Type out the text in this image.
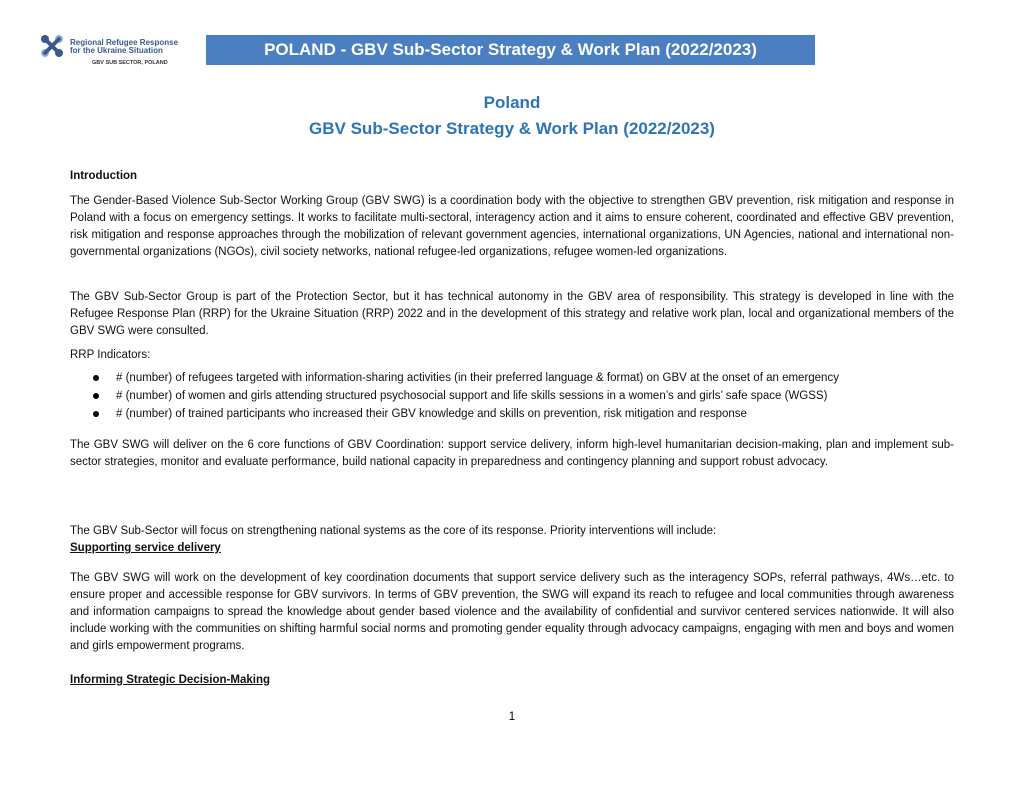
Regional Refugee Response
for the Ukraine Situation
GBV SUB SECTOR, POLAND
POLAND - GBV Sub-Sector Strategy & Work Plan (2022/2023)
Poland
GBV Sub-Sector Strategy & Work Plan (2022/2023)

Introduction

The Gender-Based Violence Sub-Sector Working Group (GBV SWG) is a coordination body with the objective to strengthen GBV prevention, risk mitigation and response in Poland with a focus on emergency settings. It works to facilitate multi-sectoral, interagency action and it aims to ensure coherent, coordinated and effective GBV prevention, risk mitigation and response approaches through the mobilization of relevant government agencies, international organizations, UN Agencies, national and international non-governmental organizations (NGOs), civil society networks, national refugee-led organizations, refugee women-led organizations.

The GBV Sub-Sector Group is part of the Protection Sector, but it has technical autonomy in the GBV area of responsibility. This strategy is developed in line with the Refugee Response Plan (RRP) for the Ukraine Situation (RRP) 2022 and in the development of this strategy and relative work plan, local and organizational members of the GBV SWG were consulted.

RRP Indicators:

# (number) of refugees targeted with information-sharing activities (in their preferred language & format) on GBV at the onset of an emergency
# (number) of women and girls attending structured psychosocial support and life skills sessions in a women’s and girls’ safe space (WGSS)
# (number) of trained participants who increased their GBV knowledge and skills on prevention, risk mitigation and response

The GBV SWG will deliver on the 6 core functions of GBV Coordination: support service delivery, inform high-level humanitarian decision-making, plan and implement sub-sector strategies, monitor and evaluate performance, build national capacity in preparedness and contingency planning and support robust advocacy.

The GBV Sub-Sector will focus on strengthening national systems as the core of its response. Priority interventions will include:

Supporting service delivery

The GBV SWG will work on the development of key coordination documents that support service delivery such as the interagency SOPs, referral pathways, 4Ws…etc. to ensure proper and accessible response for GBV survivors. In terms of GBV prevention, the SWG will expand its reach to refugee and local communities through awareness and information campaigns to spread the knowledge about gender based violence and the availability of confidential and survivor centered services nationwide. It will also include working with the communities on shifting harmful social norms and promoting gender equality through advocacy campaigns, engaging with men and boys and women and girls empowerment programs.

Informing Strategic Decision-Making

1
